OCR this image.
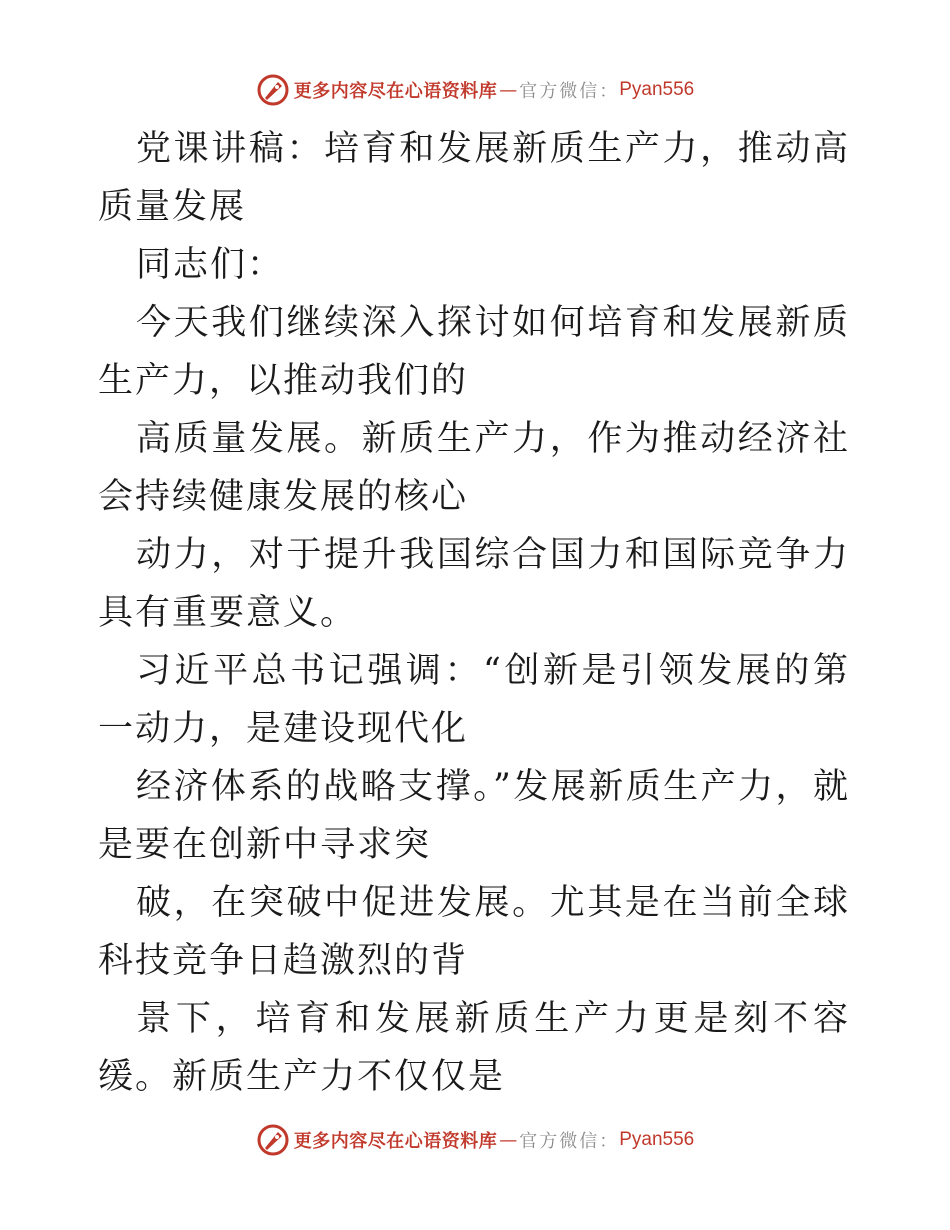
更多内容尽在心语资料库 — 官方微信： Pyan556

党课讲稿：培育和发展新质生产力，推动高质量发展

同志们：

今天我们继续深入探讨如何培育和发展新质生产力，以推动我们的

高质量发展。新质生产力，作为推动经济社会持续健康发展的核心

动力，对于提升我国综合国力和国际竞争力具有重要意义。

习近平总书记强调：“创新是引领发展的第一动力，是建设现代化

经济体系的战略支撑。”发展新质生产力，就是要在创新中寻求突

破，在突破中促进发展。尤其是在当前全球科技竞争日趋激烈的背

景下，培育和发展新质生产力更是刻不容缓。新质生产力不仅仅是

更多内容尽在心语资料库 — 官方微信： Pyan556
